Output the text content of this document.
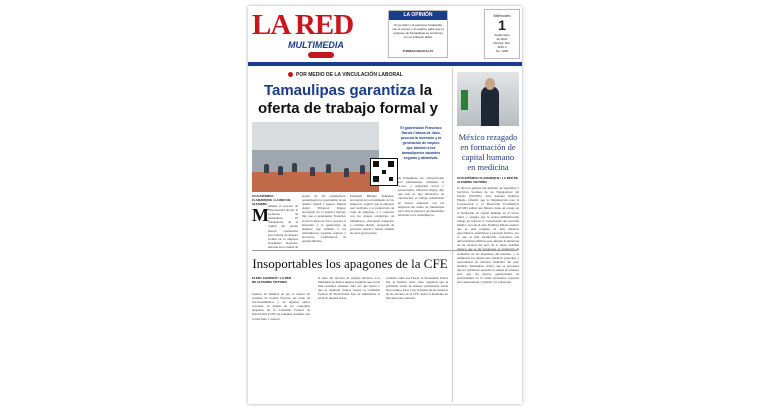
LA RED
MULTIMEDIA
LA OPINIÓN
Sí, la niñez y la juventud, fortalecida con el cuerpo y el espíritu, sabe que el progreso de Tamaulipas se construye con el esfuerzo diario
THOMAS MACKALAY
Miércoles
1
Septiembre
de 2021
Victoria, Tam.
AÑO 2
No. 1000
POR MEDIO DE LA VINCULACIÓN LABORAL
Tamaulipas garantiza la oferta de trabajo formal y
El gobernador Francisco García Cabeza de Vaca, procura la inversión y la generación de empleo que brinden a los tamaulipecos vacantes seguras y atractivas.
CUAUHTÉMOC FLAMARIQUE / LA RED DE ALTAMIRA
M ediante el proceso de Vinculación Laboral, el Gobierno de Tamaulipas, 10 trabajadores de la capital del estado fueron contratados para laborar de manera formal en la empresa Gasolinera Reynosa, ubicada en la ciudad de
siones de los trabajadores, garantizando la oportunidad de un empleo formal y seguro. Miguel Ángel Villarreal Ongay, encargado de la política laboral, dijo que el gobernador Francisco García Cabeza de Vaca, procura la inversión y la generación de empleos que brinden a los tamaulipecos vacantes seguras y atractivas. Confirmaron su agradecimiento.
Elizabeth Hidalgo Valpadeu, encargada del reclutamiento de las empresas, explicó que la empresa está dedicada a la producción de cajas de empaque, y a contratar con los grupos originarios de Matamoros, ofreciendo transporte y comidas diarias, recepción de personal, salario y bonos, además de otras prestaciones.
de Tamaulipas, las contrataciones son permanentes, dándoles el acceso a seguridad social y prestaciones. Villarreal Ongay, dijo que ésta es una alternativa de vinculación, se trabaja arduamente en buscar empresas con las empresas del centro de Tamaulipas para ofrecer mayores oportunidades laborales a los tamaulipecos.
Insoportables los apagones de la CFE
ELENY CHARBUT / LA RED DE ALTAMIRA VICTORIA
Cientos de familias de por lo menos 20 colonias de Ciudad Victoria, así como de fraccionamientos y de algunos ejidos cercanos, se quejan de los constantes apagones de la Comisión Federal de Electricidad (CFE) en semanas recientes. Así lo han dado a conocer.
la falta del servicio de energía eléctrica. Los habitantes de dichos lugares aseguran que en las más recientes semanas cada vez que llueve o que se registran vientos fuertes la Comisión Federal de Electricidad deja de suministrar el servicio durante horas.
colonias como Las Flores, la Secundaria, Portes Gil, la Satélite, entre otras, aseguran que el problema existe de manera permanente desde hace tiempo. Pese a los reclamos de los usuarios en las oficinas de la CFE, hasta el momento no han dado una solución.
México rezagado en formación de capital humano en medicina
CUAUHTÉMOC FLAMARIQUE / LA RED DE ALTAMIRA VICTORIA
El director general del Instituto de Seguridad y Servicios Sociales de los Trabajadores del Estado (ISSSTE), Luis Antonio Ramírez Pineda, informó que la Organización para la Cooperación y el Desarrollo Económicos (OCDE) señala que México tiene un rezago en la formación de capital humano en el sector salud, y aseguró que la actual administración trabaja en reforzar la capacitación del personal médico en todo el país. Ramírez Pineda explicó que el país requiere de más médicos especialistas, enfermeras y personal técnico, por lo que se han establecido convenios con universidades públicas para ampliar la matrícula de las carreras del área de la salud. Además destacó que se ha fortalecido la formación de residentes en los hospitales del instituto, y se ampliaron las plazas para médicos generales y especialistas en diversas entidades del país, incluido Tamaulipas. Indicó que es necesario que los gobiernos estatales se sumen al esfuerzo para que las nuevas generaciones de profesionales de la salud encuentren espacios para desarrollarse y atender a la población.
